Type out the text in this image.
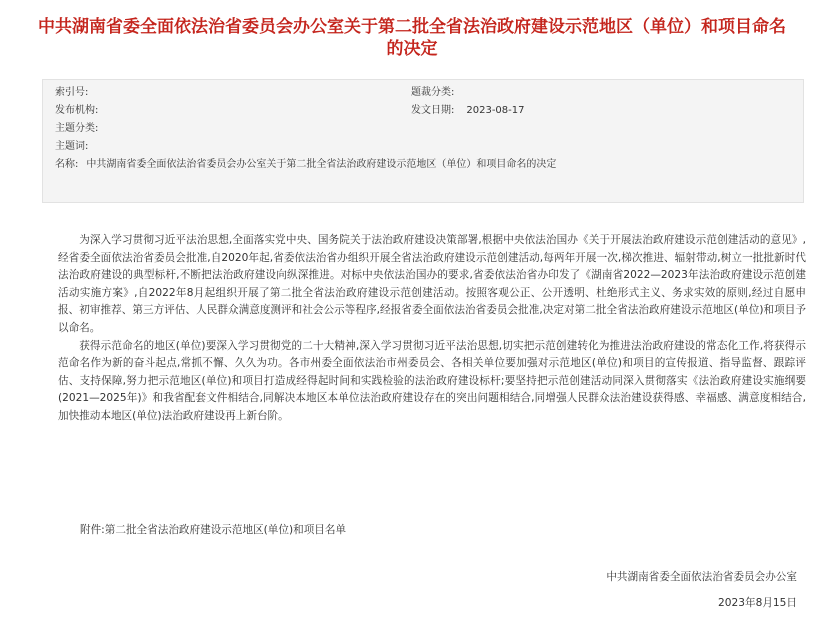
中共湖南省委全面依法治省委员会办公室关于第二批全省法治政府建设示范地区（单位）和项目命名
的决定
索引号:	题裁分类:
发布机构:	发文日期: 2023-08-17
主题分类:
主题词:
名称: 中共湖南省委全面依法治省委员会办公室关于第二批全省法治政府建设示范地区（单位）和项目命名的决定

为深入学习贯彻习近平法治思想,全面落实党中央、国务院关于法治政府建设决策部署,根据中央依法治国办《关于开展法治政府建设示范创建活动的意见》,经省委全面依法治省委员会批准,自2020年起,省委依法治省办组织开展全省法治政府建设示范创建活动,每两年开展一次,梯次推进、辐射带动,树立一批批新时代法治政府建设的典型标杆,不断把法治政府建设向纵深推进。对标中央依法治国办的要求,省委依法治省办印发了《湖南省2022—2023年法治政府建设示范创建活动实施方案》,自2022年8月起组织开展了第二批全省法治政府建设示范创建活动。按照客观公正、公开透明、杜绝形式主义、务求实效的原则,经过自愿申报、初审推荐、第三方评估、人民群众满意度测评和社会公示等程序,经报省委全面依法治省委员会批准,决定对第二批全省法治政府建设示范地区(单位)和项目予以命名。

获得示范命名的地区(单位)要深入学习贯彻党的二十大精神,深入学习贯彻习近平法治思想,切实把示范创建转化为推进法治政府建设的常态化工作,将获得示范命名作为新的奋斗起点,常抓不懈、久久为功。各市州委全面依法治市州委员会、各相关单位要加强对示范地区(单位)和项目的宣传报道、指导监督、跟踪评估、支持保障,努力把示范地区(单位)和项目打造成经得起时间和实践检验的法治政府建设标杆;要坚持把示范创建活动同深入贯彻落实《法治政府建设实施纲要(2021—2025年)》和我省配套文件相结合,同解决本地区本单位法治政府建设存在的突出问题相结合,同增强人民群众法治建设获得感、幸福感、满意度相结合,加快推动本地区(单位)法治政府建设再上新台阶。

附件:第二批全省法治政府建设示范地区(单位)和项目名单
中共湖南省委全面依法治省委员会办公室
2023年8月15日
